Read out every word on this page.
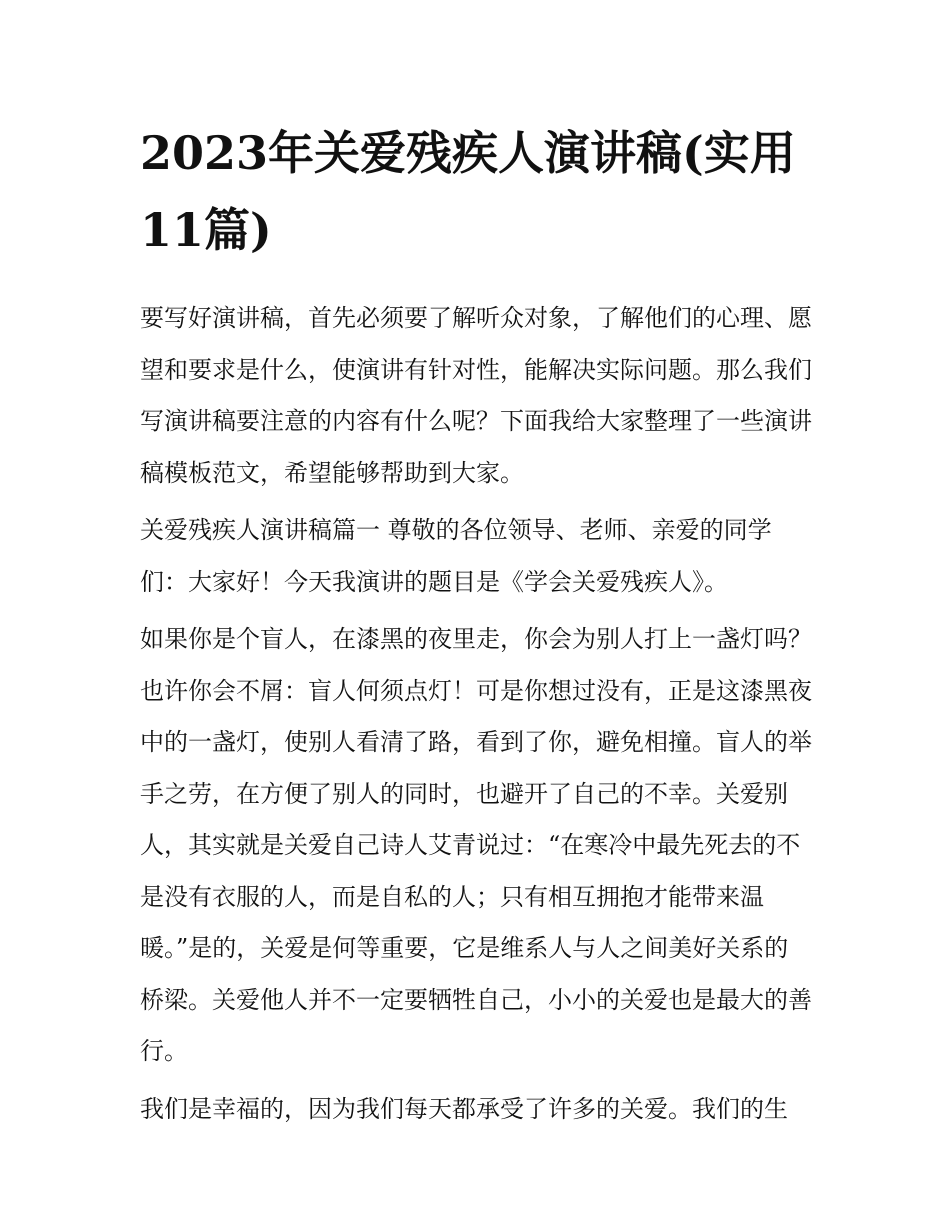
2023年关爱残疾人演讲稿(实用11篇)

要写好演讲稿，首先必须要了解听众对象，了解他们的心理、愿望和要求是什么，使演讲有针对性，能解决实际问题。那么我们写演讲稿要注意的内容有什么呢？下面我给大家整理了一些演讲稿模板范文，希望能够帮助到大家。

关爱残疾人演讲稿篇一 尊敬的各位领导、老师、亲爱的同学们：大家好！今天我演讲的题目是《学会关爱残疾人》。

如果你是个盲人，在漆黑的夜里走，你会为别人打上一盏灯吗？也许你会不屑：盲人何须点灯！可是你想过没有，正是这漆黑夜中的一盏灯，使别人看清了路，看到了你，避免相撞。盲人的举手之劳，在方便了别人的同时，也避开了自己的不幸。关爱别人，其实就是关爱自己诗人艾青说过：“在寒冷中最先死去的不是没有衣服的人，而是自私的人；只有相互拥抱才能带来温暖。”是的，关爱是何等重要，它是维系人与人之间美好关系的桥梁。关爱他人并不一定要牺牲自己，小小的关爱也是最大的善行。

我们是幸福的，因为我们每天都承受了许多的关爱。我们的生
